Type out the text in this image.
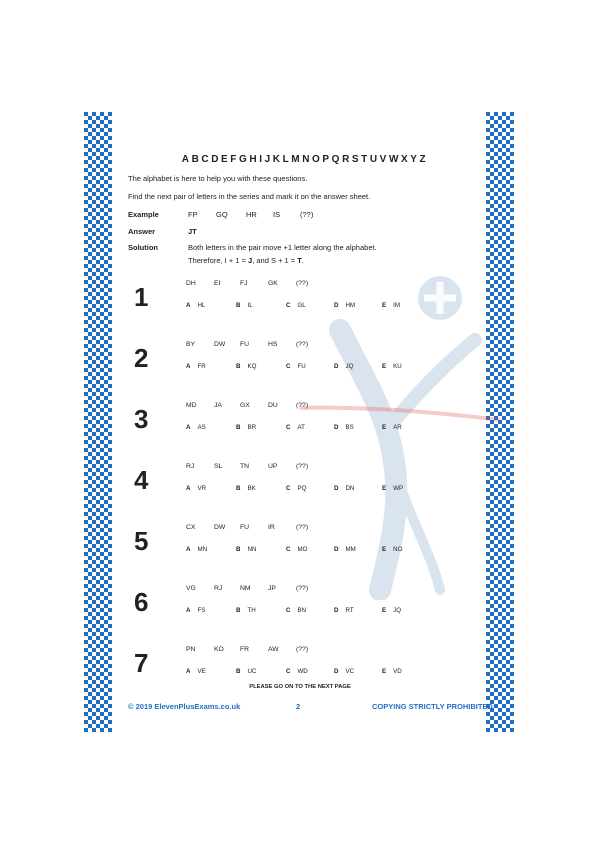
ABCDEFGHIJKLMNOPQRSTUVWXYZ
The alphabet is here to help you with these questions.
Find the next pair of letters in the series and mark it on the answer sheet.
Example	FP GQ HR IS	(??)
Answer	JT
Solution	Both letters in the pair move +1 letter along the alphabet.
Therefore, I + 1 = J, and S + 1 = T.
1	DH	EI	FJ	GK	(??)
A HL	B IL	C GL	D HM	E IM
2	BY	DW FU	HS	(??)
A FR	B KQ	C FU	D JQ	E KU
3	MD	JA	GX	DU	(??)
A AS	B BR	C AT	D BS	E AR
4	RJ	SL	TN	UP	(??)
A VR	B BK	C PQ	D DN	E WP
5	CX	DW FU	IR	(??)
A MN	B NN	C MO	D MM	E NO
6	VG	RJ	NM	JP	(??)
A FS	B TH	C BN	D RT	E JQ
7	PN	KO FR	AW	(??)
A VE	B UC	C WD	D VC	E VD
PLEASE GO ON TO THE NEXT PAGE
© 2019 ElevenPlusExams.co.uk	2	COPYING STRICTLY PROHIBITED
